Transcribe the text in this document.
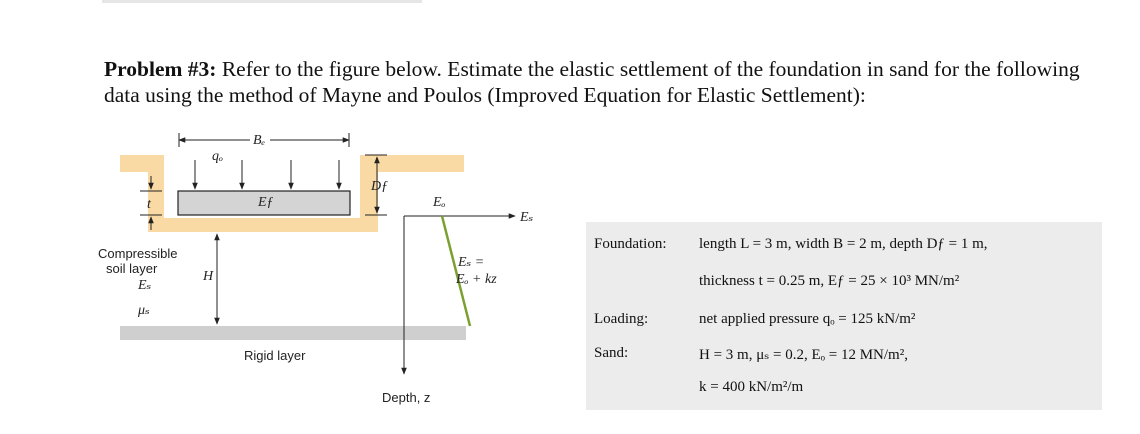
Problem #3: Refer to the figure below. Estimate the elastic settlement of the foundation in sand for the following data using the method of Mayne and Poulos (Improved Equation for Elastic Settlement):
Bₑ
qₒ
Eƒ
Dƒ
t
H
Compressible
soil layer
Eₛ
μₛ
Eₒ
Eₛ
Eₛ =
Eₒ + kz
Rigid layer
Depth, z
Foundation: length L = 3 m, width B = 2 m, depth Dƒ = 1 m,
thickness t = 0.25 m, Eƒ = 25 × 10³ MN/m²
Loading:	net applied pressure qₒ = 125 kN/m²
Sand:	H = 3 m, μₛ = 0.2, Eₒ = 12 MN/m²,
k = 400 kN/m²/m
